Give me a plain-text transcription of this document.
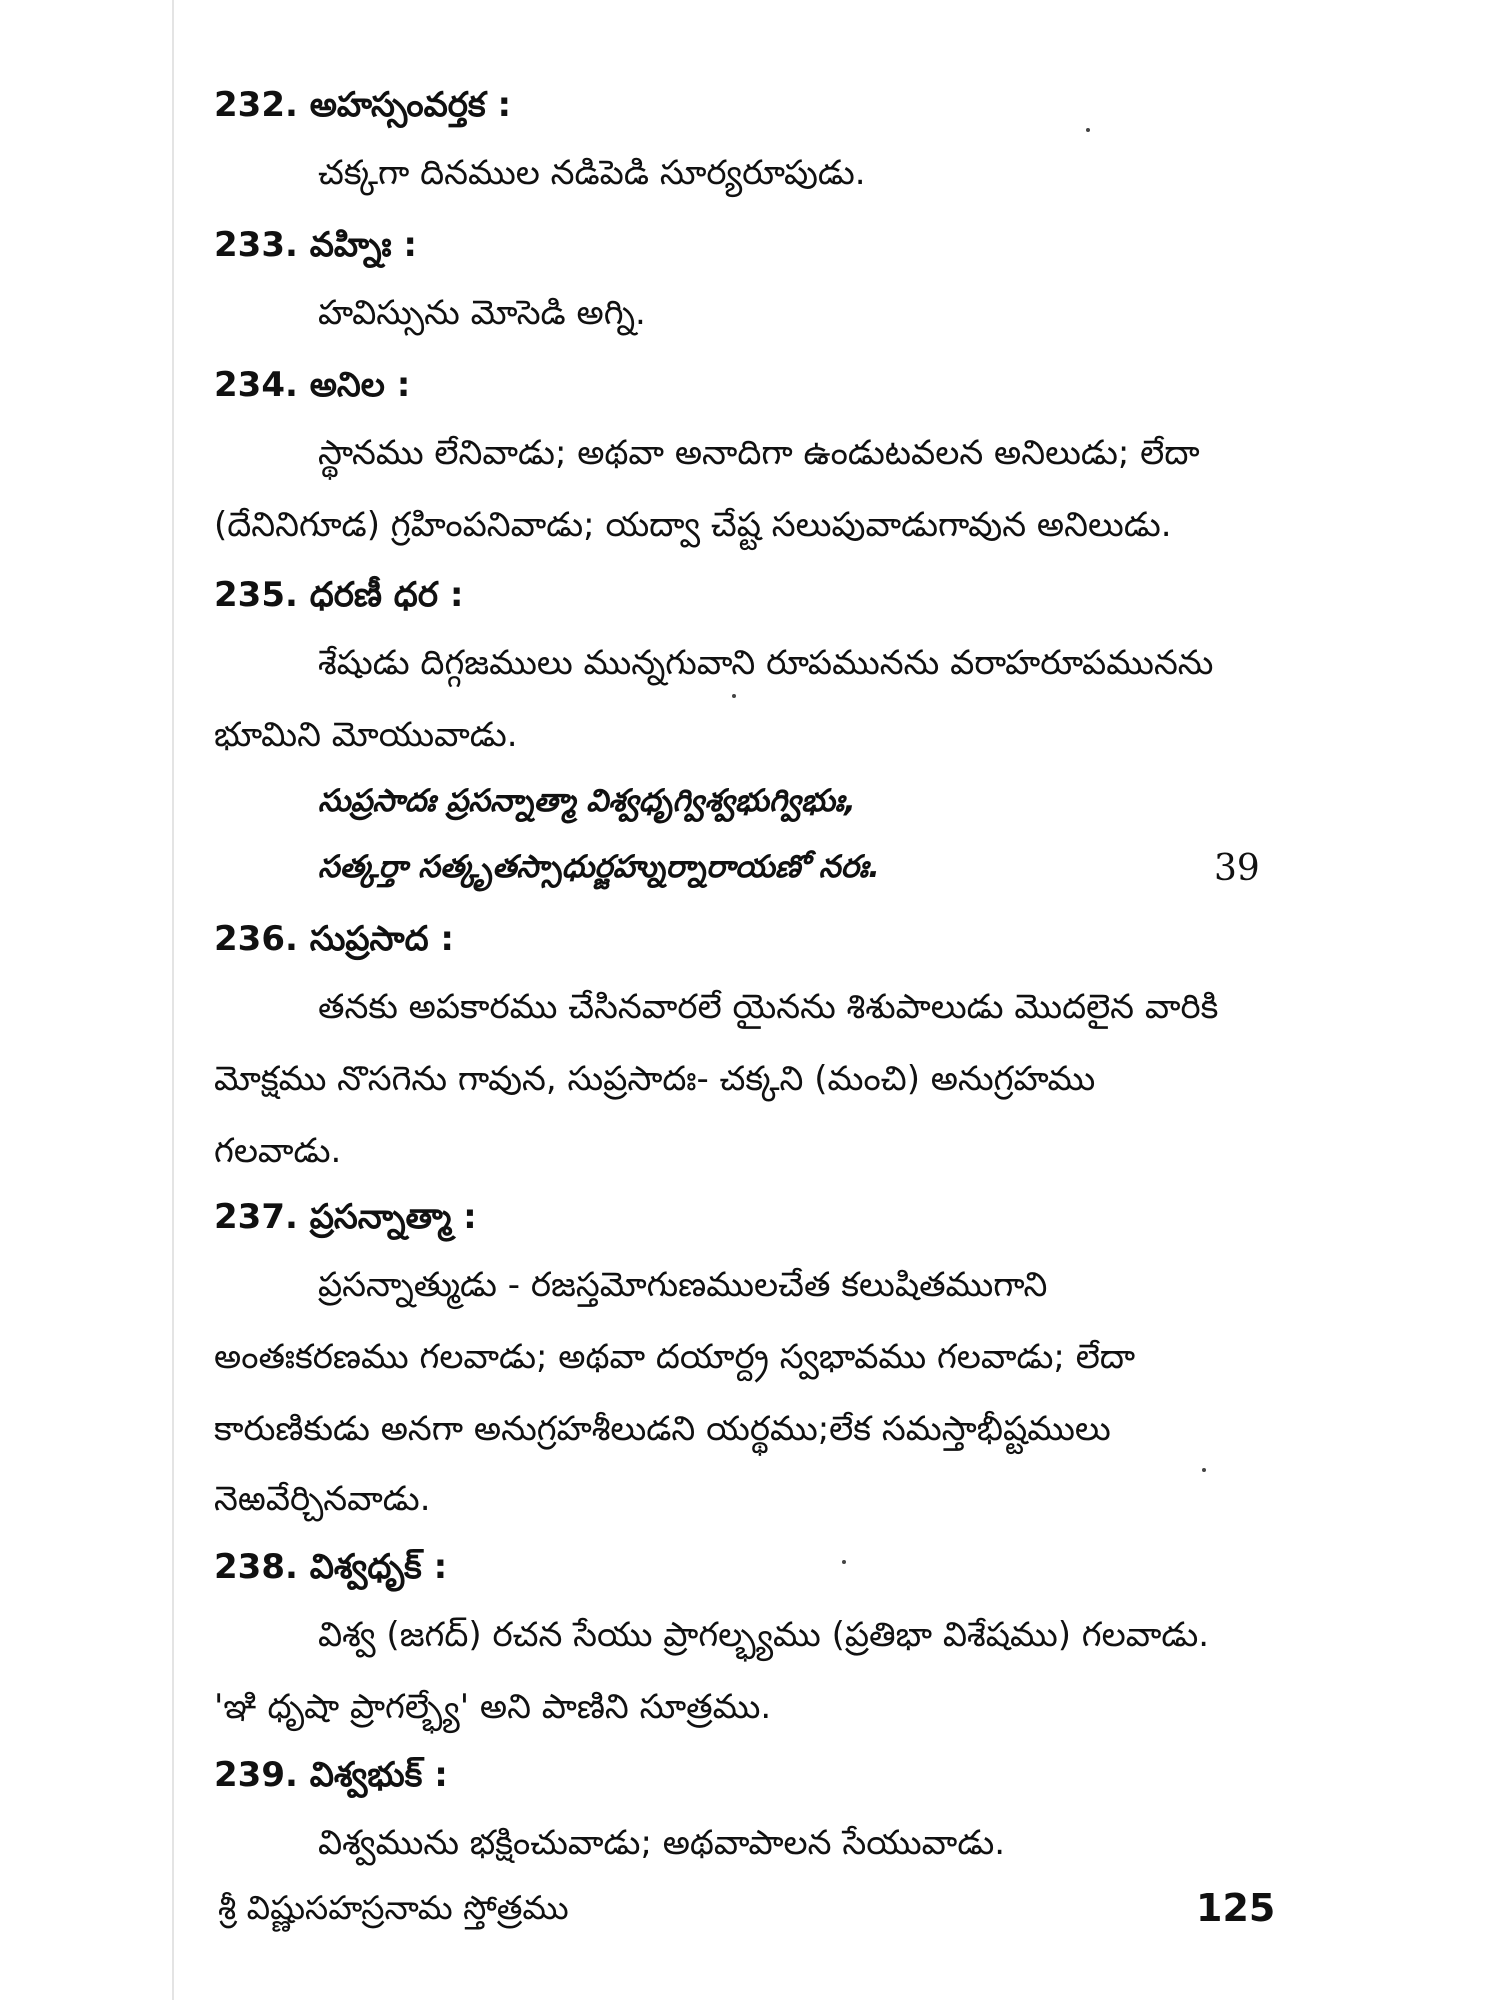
232. అహస్సంవర్తక :
చక్కగా దినముల నడిపెడి సూర్యరూపుడు.
233. వహ్నిః :
హవిస్సును మోసెడి అగ్ని.
234. అనిల :
స్థానము లేనివాడు; అథవా అనాదిగా ఉండుటవలన అనిలుడు; లేదా
(దేనినిగూడ) గ్రహింపనివాడు; యద్వా చేష్ట సలుపువాడుగావున అనిలుడు.
235. ధరణీ ధర :
శేషుడు దిగ్గజములు మున్నగువాని రూపమునను వరాహరూపమునను
భూమిని మోయువాడు.
సుప్రసాదః ప్రసన్నాత్మా విశ్వధృగ్విశ్వభుగ్విభుః,
సత్కర్తా సత్కృతస్సాధుర్జహ్నుర్నారాయణో నరః.	39
236. సుప్రసాద :
తనకు అపకారము చేసినవారలే యైనను శిశుపాలుడు మొదలైన వారికి
మోక్షము నొసగెను గావున, సుప్రసాదః- చక్కని (మంచి) అనుగ్రహము
గలవాడు.
237. ప్రసన్నాత్మా :
ప్రసన్నాత్ముడు - రజస్తమోగుణములచేత కలుషితముగాని
అంతఃకరణము గలవాడు; అథవా దయార్ద్ర స్వభావము గలవాడు; లేదా
కారుణికుడు అనగా అనుగ్రహశీలుడని యర్థము;లేక సమస్తాభీష్టములు
నెఱవేర్చినవాడు.
238. విశ్వధృక్ :
విశ్వ (జగద్) రచన సేయు ప్రాగల్భ్యము (ప్రతిభా విశేషము) గలవాడు.
'ఞి ధృషా ప్రాగల్భ్యే' అని పాణిని సూత్రము.
239. విశ్వభుక్ :
విశ్వమును భక్షించువాడు; అథవాపాలన సేయువాడు.
శ్రీ విష్ణుసహస్రనామ స్తోత్రము	125
